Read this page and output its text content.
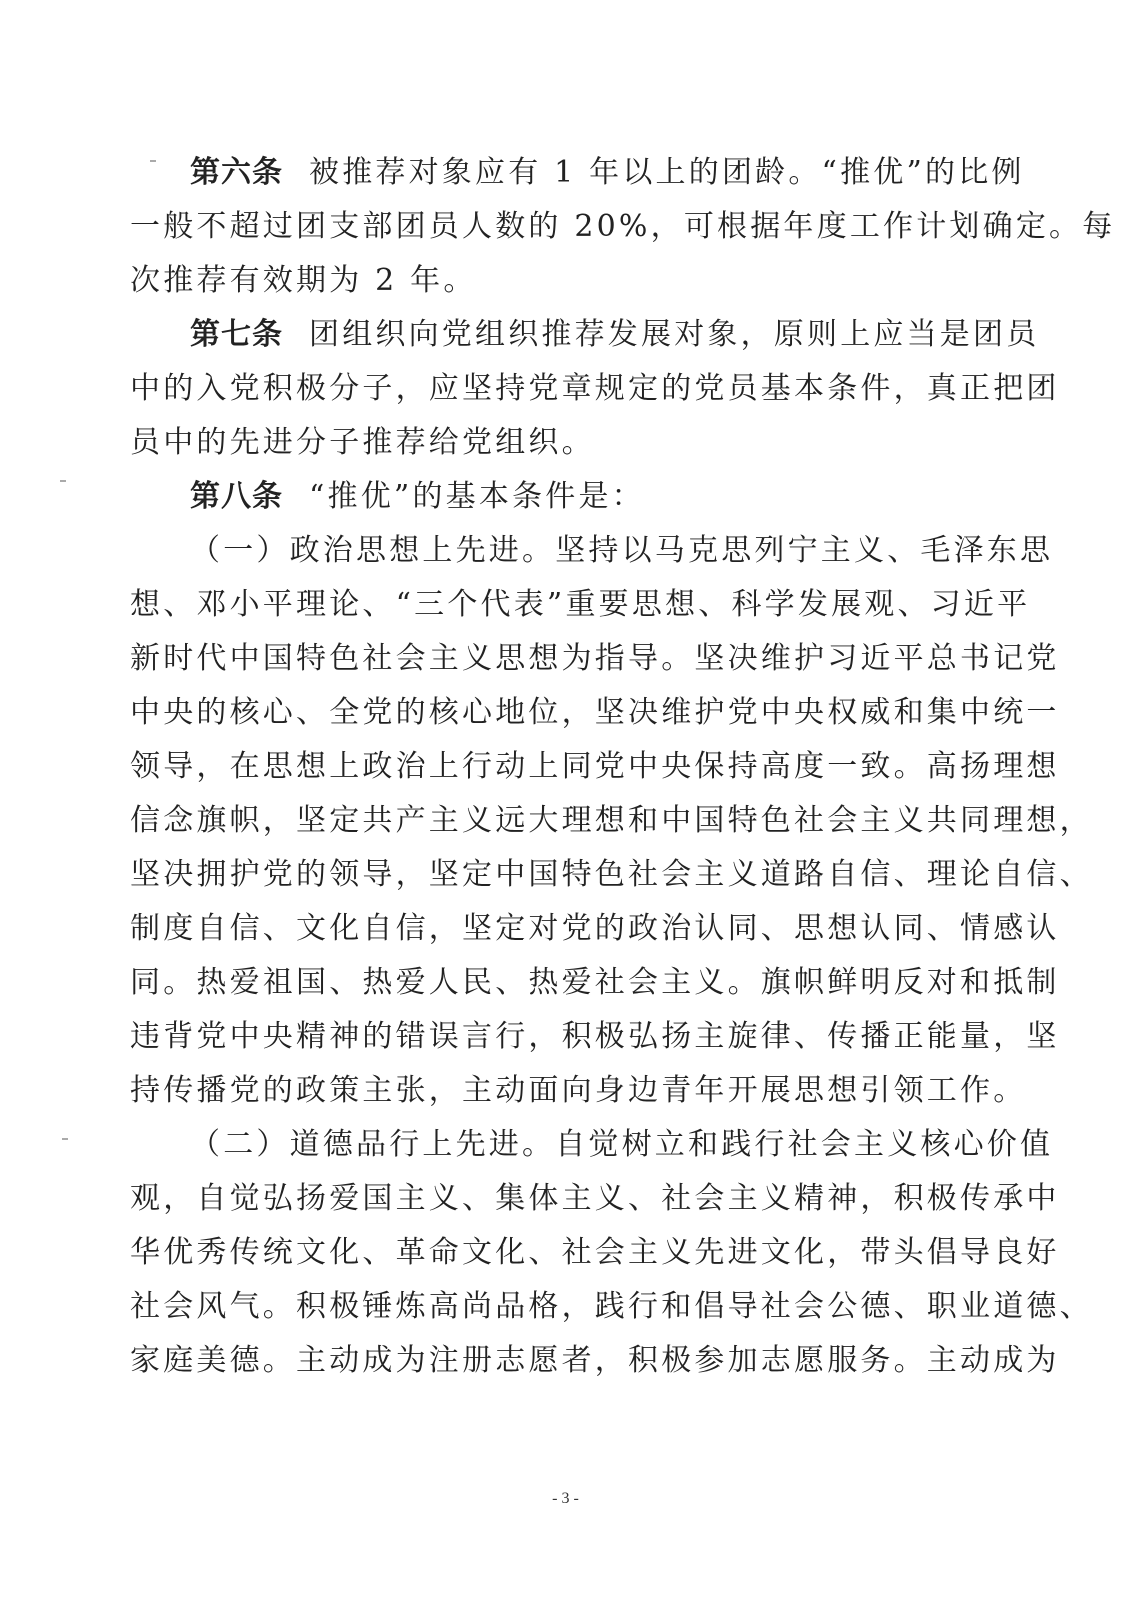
第六条 被推荐对象应有 1 年以上的团龄。“推优”的比例
一般不超过团支部团员人数的 20%，可根据年度工作计划确定。每
次推荐有效期为 2 年。
第七条 团组织向党组织推荐发展对象，原则上应当是团员
中的入党积极分子，应坚持党章规定的党员基本条件，真正把团
员中的先进分子推荐给党组织。
第八条 “推优”的基本条件是：
（一）政治思想上先进。坚持以马克思列宁主义、毛泽东思
想、邓小平理论、“三个代表”重要思想、科学发展观、习近平
新时代中国特色社会主义思想为指导。坚决维护习近平总书记党
中央的核心、全党的核心地位，坚决维护党中央权威和集中统一
领导，在思想上政治上行动上同党中央保持高度一致。高扬理想
信念旗帜，坚定共产主义远大理想和中国特色社会主义共同理想，
坚决拥护党的领导，坚定中国特色社会主义道路自信、理论自信、
制度自信、文化自信，坚定对党的政治认同、思想认同、情感认
同。热爱祖国、热爱人民、热爱社会主义。旗帜鲜明反对和抵制
违背党中央精神的错误言行，积极弘扬主旋律、传播正能量，坚
持传播党的政策主张，主动面向身边青年开展思想引领工作。
（二）道德品行上先进。自觉树立和践行社会主义核心价值
观，自觉弘扬爱国主义、集体主义、社会主义精神，积极传承中
华优秀传统文化、革命文化、社会主义先进文化，带头倡导良好
社会风气。积极锤炼高尚品格，践行和倡导社会公德、职业道德、
家庭美德。主动成为注册志愿者，积极参加志愿服务。主动成为
- 3 -
